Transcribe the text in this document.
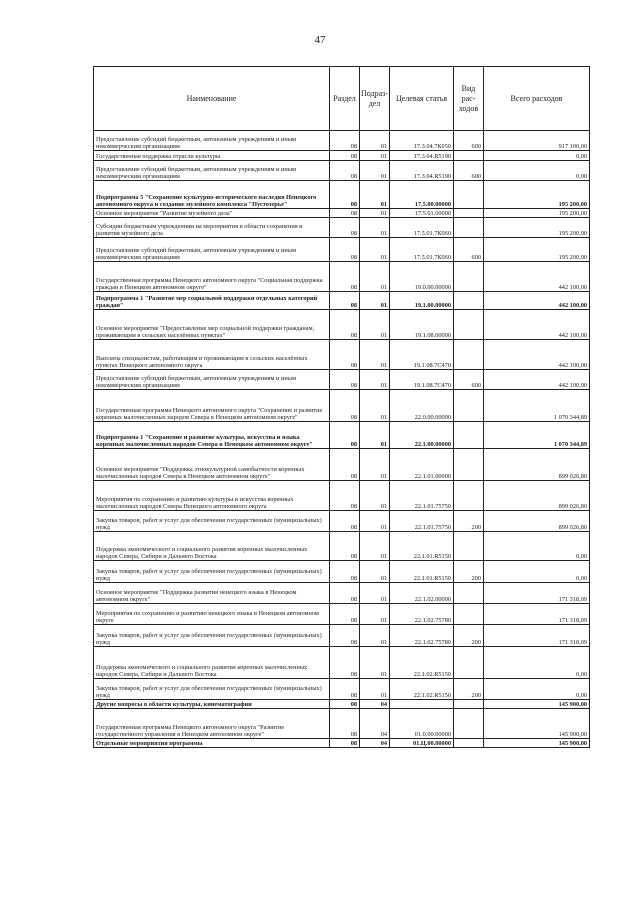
47
Наименование	Раздел	Подраз-дел	Целевая статья	Вид рас-ходов	Всего расходов
Предоставление субсидий бюджетным, автономным учреждениям и иным некоммерческим организациям	08	01	17.3.04.7К050	600	917 100,00
Государственная поддержка отрасли культуры	08	01	17.3.04.R5190		0,00
Предоставление субсидий бюджетным, автономным учреждениям и иным некоммерческим организациям	08	01	17.3.04.R5190	600	0,00
Подпрограмма 5 "Сохранение культурно-исторического наследия Ненецкого автономного округа и создание музейного комплекса "Пустозерье"	08	01	17.5.00.00000		195 200,00
Основное мероприятие "Развитие музейного дела"	08	01	17.5.01.00000		195 200,00
Субсидии бюджетным учреждениям на мероприятия в области сохранения и развития музейного дела	08	01	17.5.01.7К060		195 200,00
Предоставление субсидий бюджетным, автономным учреждениям и иным некоммерческим организациям	08	01	17.5.01.7К060	600	195 200,00
Государственная программа Ненецкого автономного округа "Социальная поддержка граждан в Ненецком автономном округе"	08	01	19.0.00.00000		442 100,00
Подпрограмма 1 "Развитие мер социальной поддержки отдельных категорий граждан"	08	01	19.1.00.00000		442 100,00
Основное мероприятие "Предоставление мер социальной поддержки гражданам, проживающим в сельских населённых пунктах"	08	01	19.1.08.00000		442 100,00
Выплаты специалистам, работающим и проживающим в сельских населённых пунктах Ненецкого автономного округа	08	01	19.1.08.7С470		442 100,00
Предоставление субсидий бюджетным, автономным учреждениям и иным некоммерческим организациям	08	01	19.1.08.7С470	600	442 100,00
Государственная программа Ненецкого автономного округа "Сохранение и развитие коренных малочисленных народов Севера в Ненецком автономном округе"	08	01	22.0.00.00000		1 070 344,89
Подпрограмма 1 "Сохранение и развитие культуры, искусства и языка коренных малочисленных народов Севера в Ненецком автономном округе"	08	01	22.1.00.00000		1 070 344,89
Основное мероприятие "Поддержка этнокультурной самобытности коренных малочисленных народов Севера в Ненецком автономном округе"	08	01	22.1.01.00000		899 026,80
Мероприятия по сохранению и развитию культуры и искусства коренных малочисленных народов Севера Ненецкого автономного округа	08	01	22.1.01.75750		899 026,80
Закупка товаров, работ и услуг для обеспечения государственных (муниципальных) нужд	08	01	22.1.01.75750	200	899 026,80
Поддержка экономического и социального развития коренных малочисленных народов Севера, Сибири и Дальнего Востока	08	01	22.1.01.R5150		0,00
Закупка товаров, работ и услуг для обеспечения государственных (муниципальных) нужд	08	01	22.1.01.R5150	200	0,00
Основное мероприятие "Поддержка развития ненецкого языка в Ненецком автономном округе"	08	01	22.1.02.00000		171 318,09
Мероприятия по сохранению и развитию ненецкого языка в Ненецком автономном округе	08	01	22.1.02.75780		171 318,09
Закупка товаров, работ и услуг для обеспечения государственных (муниципальных) нужд	08	01	22.1.02.75780	200	171 318,09
Поддержка экономического и социального развития коренных малочисленных народов Севера, Сибири и Дальнего Востока	08	01	22.1.02.R5150		0,00
Закупка товаров, работ и услуг для обеспечения государственных (муниципальных) нужд	08	01	22.1.02.R5150	200	0,00
Другие вопросы в области культуры, кинематографии	08	04			145 900,00
Государственная программа Ненецкого автономного округа "Развитие государственного управления в Ненецком автономном округе"	08	04	01.0.00.00000		145 900,00
Отдельные мероприятия программы	08	04	01.Ц.00.00000		145 900,00
